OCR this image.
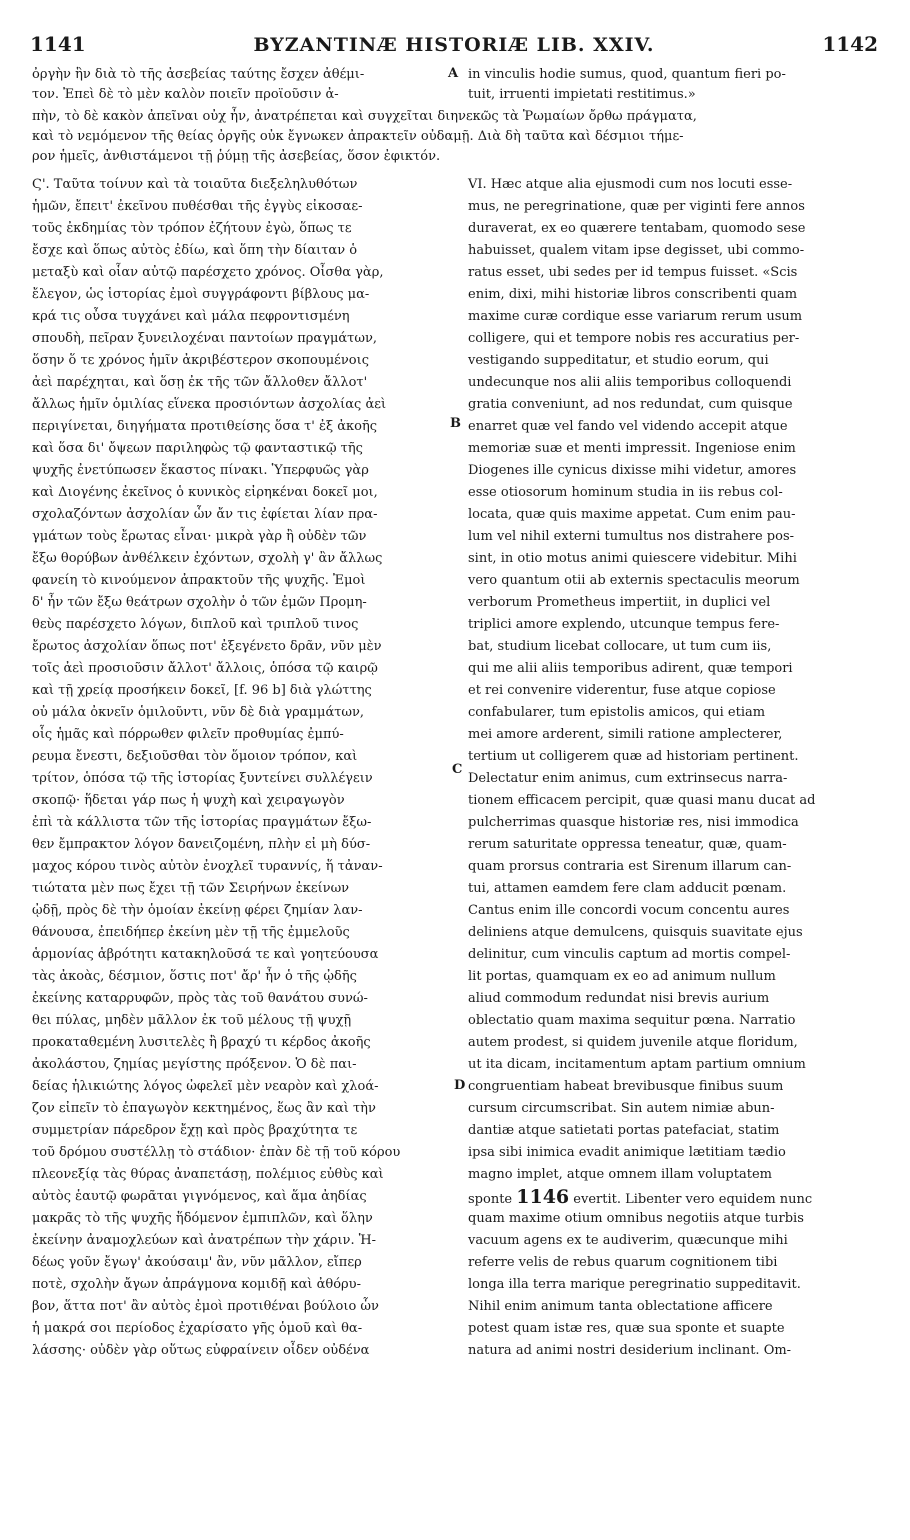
1141	BYZANTINÆ HISTORIÆ LIB. XXIV.	1142
ὀργὴν ἣν διὰ τὸ τῆς ἀσεβείας ταύτης ἔσχεν ἀθέμι-
τον. Ἐπεὶ δὲ τὸ μὲν καλὸν ποιεῖν προϊοῦσιν ἀ-
in vinculis hodie sumus, quod, quantum fieri po-
tuit, irruenti impietati restitimus.»
πὴν, τὸ δὲ κακὸν ἀπεῖναι οὐχ ἦν, ἀνατρέπεται καὶ συγχεῖται διηνεκῶς τὰ Ῥωμαίων ὄρθω πράγματα,
καὶ τὸ νεμόμενον τῆς θείας ὀργῆς οὐκ ἔγνωκεν ἀπρακτεῖν οὐδαμῇ. Διὰ δὴ ταῦτα καὶ δέσμιοι τήμε-
ρον ἡμεῖς, ἀνθιστάμενοι τῇ ῥύμῃ τῆς ἀσεβείας, ὅσον ἐφικτόν.
Ϛ'. Ταῦτα τοίνυν καὶ τὰ τοιαῦτα διεξεληλυθότων
ἡμῶν, ἔπειτ' ἐκεῖνου πυθέσθαι τῆς ἐγγὺς εἰκοσαε-
τοῦς ἐκδημίας τὸν τρόπον ἐζήτουν ἐγὼ, ὅπως τε
ἔσχε καὶ ὅπως αὐτὸς ἐδίω, καὶ ὅπη τὴν δίαιταν ὁ
μεταξὺ καὶ οἷαν αὐτῷ παρέσχετο χρόνος. Οἶσθα γὰρ,
ἔλεγον, ὡς ἱστορίας ἐμοὶ συγγράφοντι βίβλους μα-
κρά τις οὖσα τυγχάνει καὶ μάλα πεφροντισμένη
σπουδὴ, πεῖραν ξυνειλοχέναι παντοίων πραγμάτων,
ὅσην ὅ τε χρόνος ἡμῖν ἀκριβέστερον σκοπουμένοις
ἀεὶ παρέχηται, καὶ ὅσῃ ἐκ τῆς τῶν ἄλλοθεν ἄλλοτ'
ἄλλως ἡμῖν ὁμιλίας εἵνεκα προσιόντων ἀσχολίας ἀεὶ
περιγίνεται, διηγήματα προτιθείσης ὅσα τ' ἐξ ἀκοῆς
καὶ ὅσα δι' ὄψεων παριληφὼς τῷ φανταστικῷ τῆς
ψυχῆς ἐνετύπωσεν ἕκαστος πίνακι. Ὑπερφυῶς γὰρ
καὶ Διογένης ἐκεῖνος ὁ κυνικὸς εἰρηκέναι δοκεῖ μοι,
σχολαζόντων ἀσχολίαν ὧν ἄν τις ἐφίεται λίαν πρα-
γμάτων τοὺς ἔρωτας εἶναι· μικρὰ γὰρ ἢ οὐδὲν τῶν
ἔξω θορύβων ἀνθέλκειν ἐχόντων, σχολὴ γ' ἂν ἄλλως
φανείη τὸ κινούμενον ἀπρακτοῦν τῆς ψυχῆς. Ἐμοὶ
δ' ἦν τῶν ἔξω θεάτρων σχολὴν ὁ τῶν ἐμῶν Προμη-
θεὺς παρέσχετο λόγων, διπλοῦ καὶ τριπλοῦ τινος
ἔρωτος ἀσχολίαν ὅπως ποτ' ἐξεγένετο δρᾶν, νῦν μὲν
τοῖς ἀεὶ προσιοῦσιν ἄλλοτ' ἄλλοις, ὁπόσα τῷ καιρῷ
καὶ τῇ χρείᾳ προσήκειν δοκεῖ, [f. 96 b] διὰ γλώττης
οὐ μάλα ὀκνεῖν ὁμιλοῦντι, νῦν δὲ διὰ γραμμάτων,
οἷς ἡμᾶς καὶ πόρρωθεν φιλεῖν προθυμίας ἐμπύ-
ρευμα ἔνεστι, δεξιοῦσθαι τὸν ὅμοιον τρόπον, καὶ
τρίτον, ὁπόσα τῷ τῆς ἱστορίας ξυντείνει συλλέγειν
σκοπῷ· ἥδεται γάρ πως ἡ ψυχὴ καὶ χειραγωγὸν
ἐπὶ τὰ κάλλιστα τῶν τῆς ἱστορίας πραγμάτων ἔξω-
θεν ἔμπρακτον λόγον δανειζομένη, πλὴν εἰ μὴ δύσ-
μαχος κόρου τινὸς αὐτὸν ἐνοχλεῖ τυραννίς, ἥ τἀναν-
τιώτατα μὲν πως ἔχει τῇ τῶν Σειρήνων ἐκείνων
ᾠδῇ, πρὸς δὲ τὴν ὁμοίαν ἐκείνῃ φέρει ζημίαν λαν-
θάνουσα, ἐπειδήπερ ἐκείνη μὲν τῇ τῆς ἐμμελοῦς
ἁρμονίας ἁβρότητι κατακηλοῦσά τε καὶ γοητεύουσα
τὰς ἀκοὰς, δέσμιον, ὅστις ποτ' ἄρ' ἦν ὁ τῆς ᾠδῆς
ἐκείνης καταρρυφῶν, πρὸς τὰς τοῦ θανάτου συνώ-
θει πύλας, μηδὲν μᾶλλον ἐκ τοῦ μέλους τῇ ψυχῇ
προκαταθεμένη λυσιτελὲς ἢ βραχύ τι κέρδος ἀκοῆς
ἀκολάστου, ζημίας μεγίστης πρόξενον. Ὁ δὲ παι-
δείας ἡλικιώτης λόγος ὠφελεῖ μὲν νεαρὸν καὶ χλοά-
ζον εἰπεῖν τὸ ἐπαγωγὸν κεκτημένος, ἕως ἂν καὶ τὴν
συμμετρίαν πάρεδρον ἔχῃ καὶ πρὸς βραχύτητα τε
τοῦ δρόμου συστέλλῃ τὸ στάδιον· ἐπὰν δὲ τῇ τοῦ κόρου
πλεονεξίᾳ τὰς θύρας ἀναπετάσῃ, πολέμιος εὐθὺς καὶ
αὐτὸς ἑαυτῷ φωρᾶται γιγνόμενος, καὶ ἅμα ἀηδίας
μακρᾶς τὸ τῆς ψυχῆς ἥδόμενον ἐμπιπλῶν, καὶ ὅλην
ἐκείνην ἀναμοχλεύων καὶ ἀνατρέπων τὴν χάριν. Ἡ-
δέως γοῦν ἔγωγ' ἀκούσαιμ' ἂν, νῦν μᾶλλον, εἴπερ
ποτὲ, σχολὴν ἄγων ἀπράγμονα κομιδῇ καὶ ἀθόρυ-
βον, ἅττα ποτ' ἂν αὐτὸς ἐμοὶ προτιθέναι βούλοιο ὧν
ἡ μακρά σοι περίοδος ἐχαρίσατο γῆς ὁμοῦ καὶ θα-
λάσσης· οὐδὲν γὰρ οὕτως εὐφραίνειν οἶδεν οὐδένα
VI. Hæc atque alia ejusmodi cum nos locuti esse-
mus, ne peregrinatione, quæ per viginti fere annos
duraverat, ex eo quærere tentabam, quomodo sese
habuisset, qualem vitam ipse degisset, ubi commo-
ratus esset, ubi sedes per id tempus fuisset. «Scis
enim, dixi, mihi historiæ libros conscribenti quam
maxime curæ cordique esse variarum rerum usum
colligere, qui et tempore nobis res accuratius per-
vestigando suppeditatur, et studio eorum, qui
undecunque nos alii aliis temporibus colloquendi
gratia conveniunt, ad nos redundat, cum quisque
enarret quæ vel fando vel videndo accepit atque
memoriæ suæ et menti impressit. Ingeniose enim
Diogenes ille cynicus dixisse mihi videtur, amores
esse otiosorum hominum studia in iis rebus col-
locata, quæ quis maxime appetat. Cum enim pau-
lum vel nihil externi tumultus nos distrahere pos-
sint, in otio motus animi quiescere videbitur. Mihi
vero quantum otii ab externis spectaculis meorum
verborum Prometheus impertiit, in duplici vel
triplici amore explendo, utcunque tempus fere-
bat, studium licebat collocare, ut tum cum iis,
qui me alii aliis temporibus adirent, quæ tempori
et rei convenire viderentur, fuse atque copiose
confabularer, tum epistolis amicos, qui etiam
mei amore arderent, simili ratione amplecterer,
tertium ut colligerem quæ ad historiam pertinent.
Delectatur enim animus, cum extrinsecus narra-
tionem efficacem percipit, quæ quasi manu ducat ad
pulcherrimas quasque historiæ res, nisi immodica
rerum saturitate oppressa teneatur, quæ, quam-
quam prorsus contraria est Sirenum illarum can-
tui, attamen eamdem fere clam adducit pœnam.
Cantus enim ille concordi vocum concentu aures
deliniens atque demulcens, quisquis suavitate ejus
delinitur, cum vinculis captum ad mortis compel-
lit portas, quamquam ex eo ad animum nullum
aliud commodum redundat nisi brevis aurium
oblectatio quam maxima sequitur pœna. Narratio
autem prodest, si quidem juvenile atque floridum,
ut ita dicam, incitamentum aptam partium omnium
congruentiam habeat brevibusque finibus suum
cursum circumscribat. Sin autem nimiæ abun-
dantiæ atque satietati portas patefaciat, statim
ipsa sibi inimica evadit animique lætitiam tædio
magno implet, atque omnem illam voluptatem
sponte 1146 evertit. Libenter vero equidem nunc
quam maxime otium omnibus negotiis atque turbis
vacuum agens ex te audiverim, quæcunque mihi
referre velis de rebus quarum cognitionem tibi
longa illa terra marique peregrinatio suppeditavit.
Nihil enim animum tanta oblectatione afficere
potest quam istæ res, quæ sua sponte et suapte
natura ad animi nostri desiderium inclinant. Om-
A
B
C
D
